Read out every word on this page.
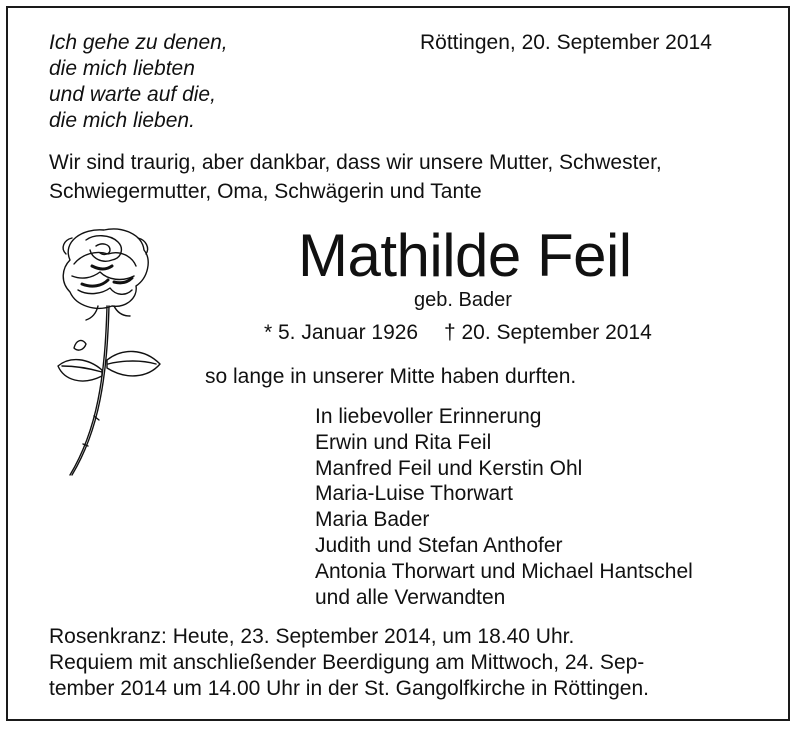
Ich gehe zu denen,
die mich liebten
und warte auf die,
die mich lieben.
Röttingen, 20. September 2014
Wir sind traurig, aber dankbar, dass wir unsere Mutter, Schwester,
Schwiegermutter, Oma, Schwägerin und Tante
Mathilde Feil
geb. Bader
* 5. Januar 1926 † 20. September 2014
so lange in unserer Mitte haben durften.
In liebevoller Erinnerung
Erwin und Rita Feil
Manfred Feil und Kerstin Ohl
Maria-Luise Thorwart
Maria Bader
Judith und Stefan Anthofer
Antonia Thorwart und Michael Hantschel
und alle Verwandten
Rosenkranz: Heute, 23. September 2014, um 18.40 Uhr.
Requiem mit anschließender Beerdigung am Mittwoch, 24. Sep-
tember 2014 um 14.00 Uhr in der St. Gangolfkirche in Röttingen.
